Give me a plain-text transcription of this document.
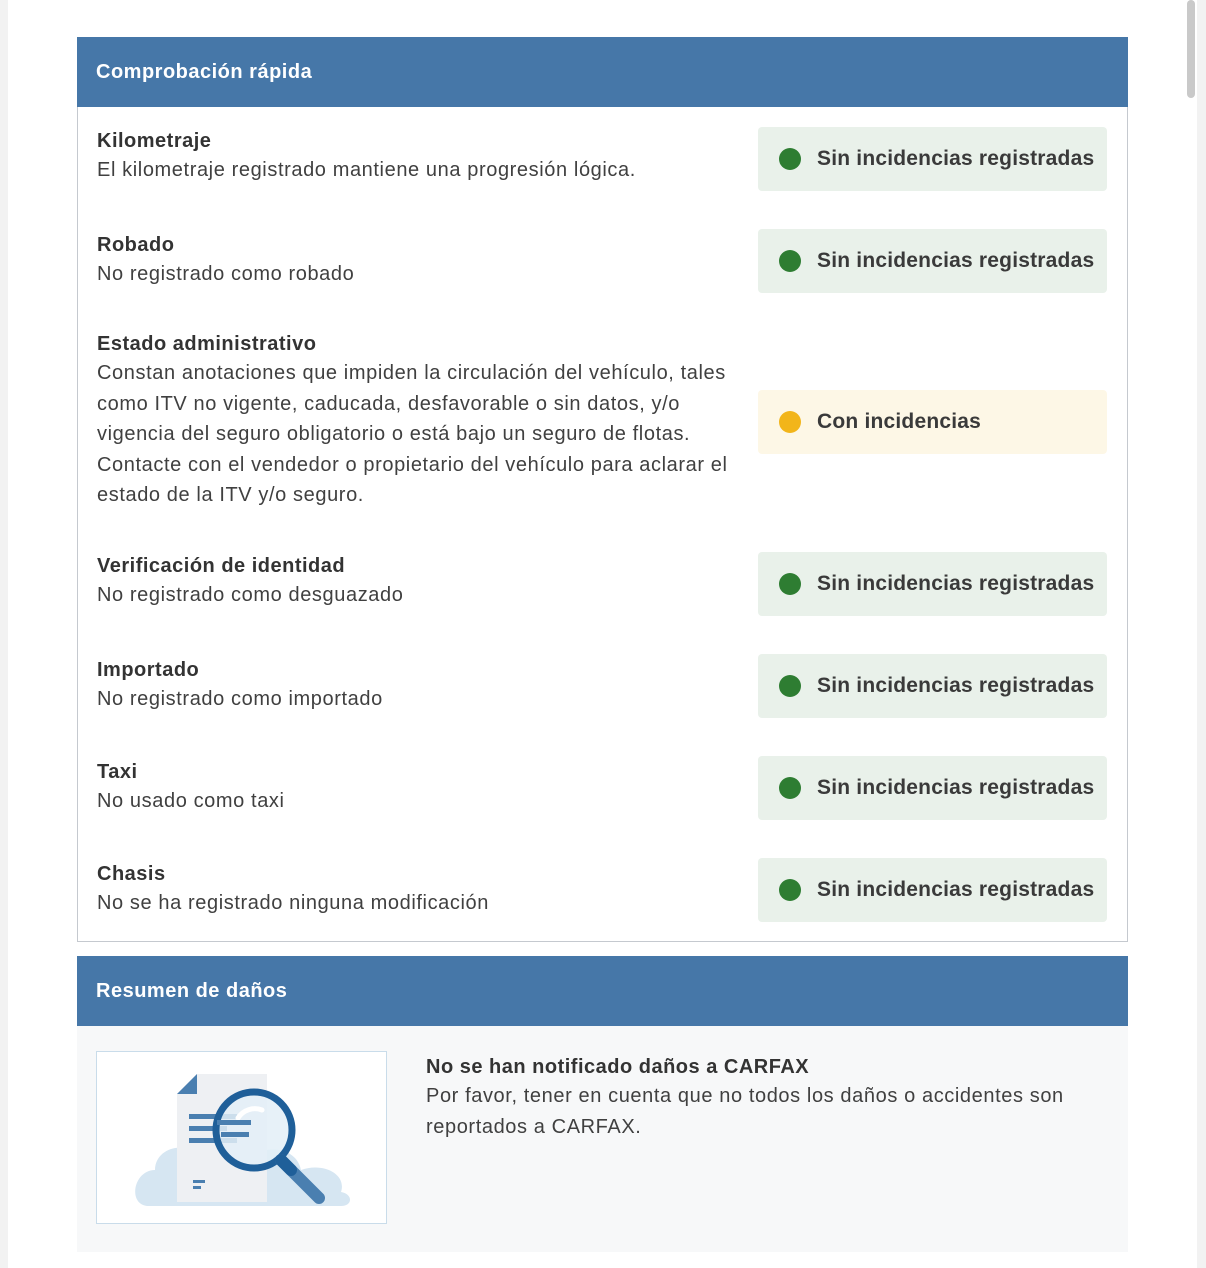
Comprobación rápida
Kilometraje
El kilometraje registrado mantiene una progresión lógica.	Sin incidencias registradas
Robado
No registrado como robado
Sin incidencias registradas
Estado administrativo
Constan anotaciones que impiden la circulación del vehículo, tales como ITV no vigente, caducada, desfavorable o sin datos, y/o vigencia del seguro obligatorio o está bajo un seguro de flotas. Contacte con el vendedor o propietario del vehículo para aclarar el estado de la ITV y/o seguro.
Con incidencias
Verificación de identidad
No registrado como desguazado	Sin incidencias registradas
Importado
No registrado como importado
Sin incidencias registradas
Taxi
No usado como taxi
Sin incidencias registradas
Chasis
No se ha registrado ninguna modificación
Sin incidencias registradas
Resumen de daños
No se han notificado daños a CARFAX
Por favor, tener en cuenta que no todos los daños o accidentes son reportados a CARFAX.
